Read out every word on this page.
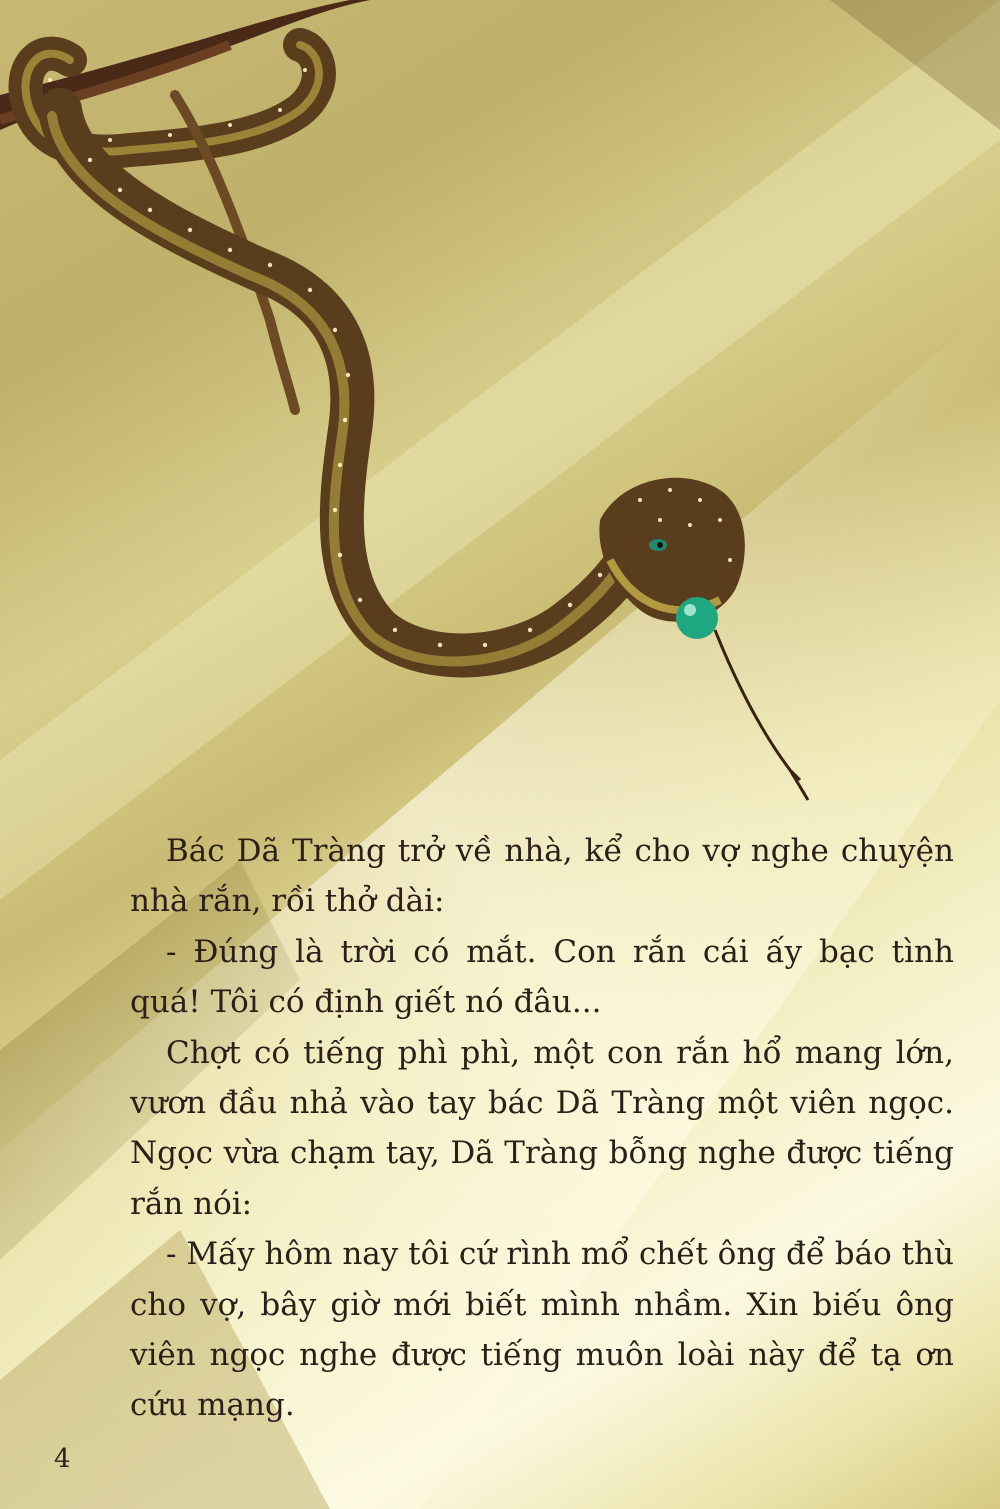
Bác Dã Tràng trở về nhà, kể cho vợ nghe chuyện nhà rắn, rồi thở dài:

- Đúng là trời có mắt. Con rắn cái ấy bạc tình quá! Tôi có định giết nó đâu...

Chợt có tiếng phì phì, một con rắn hổ mang lớn, vươn đầu nhả vào tay bác Dã Tràng một viên ngọc. Ngọc vừa chạm tay, Dã Tràng bỗng nghe được tiếng rắn nói:

- Mấy hôm nay tôi cứ rình mổ chết ông để báo thù cho vợ, bây giờ mới biết mình nhầm. Xin biếu ông viên ngọc nghe được tiếng muôn loài này để tạ ơn cứu mạng.

4
